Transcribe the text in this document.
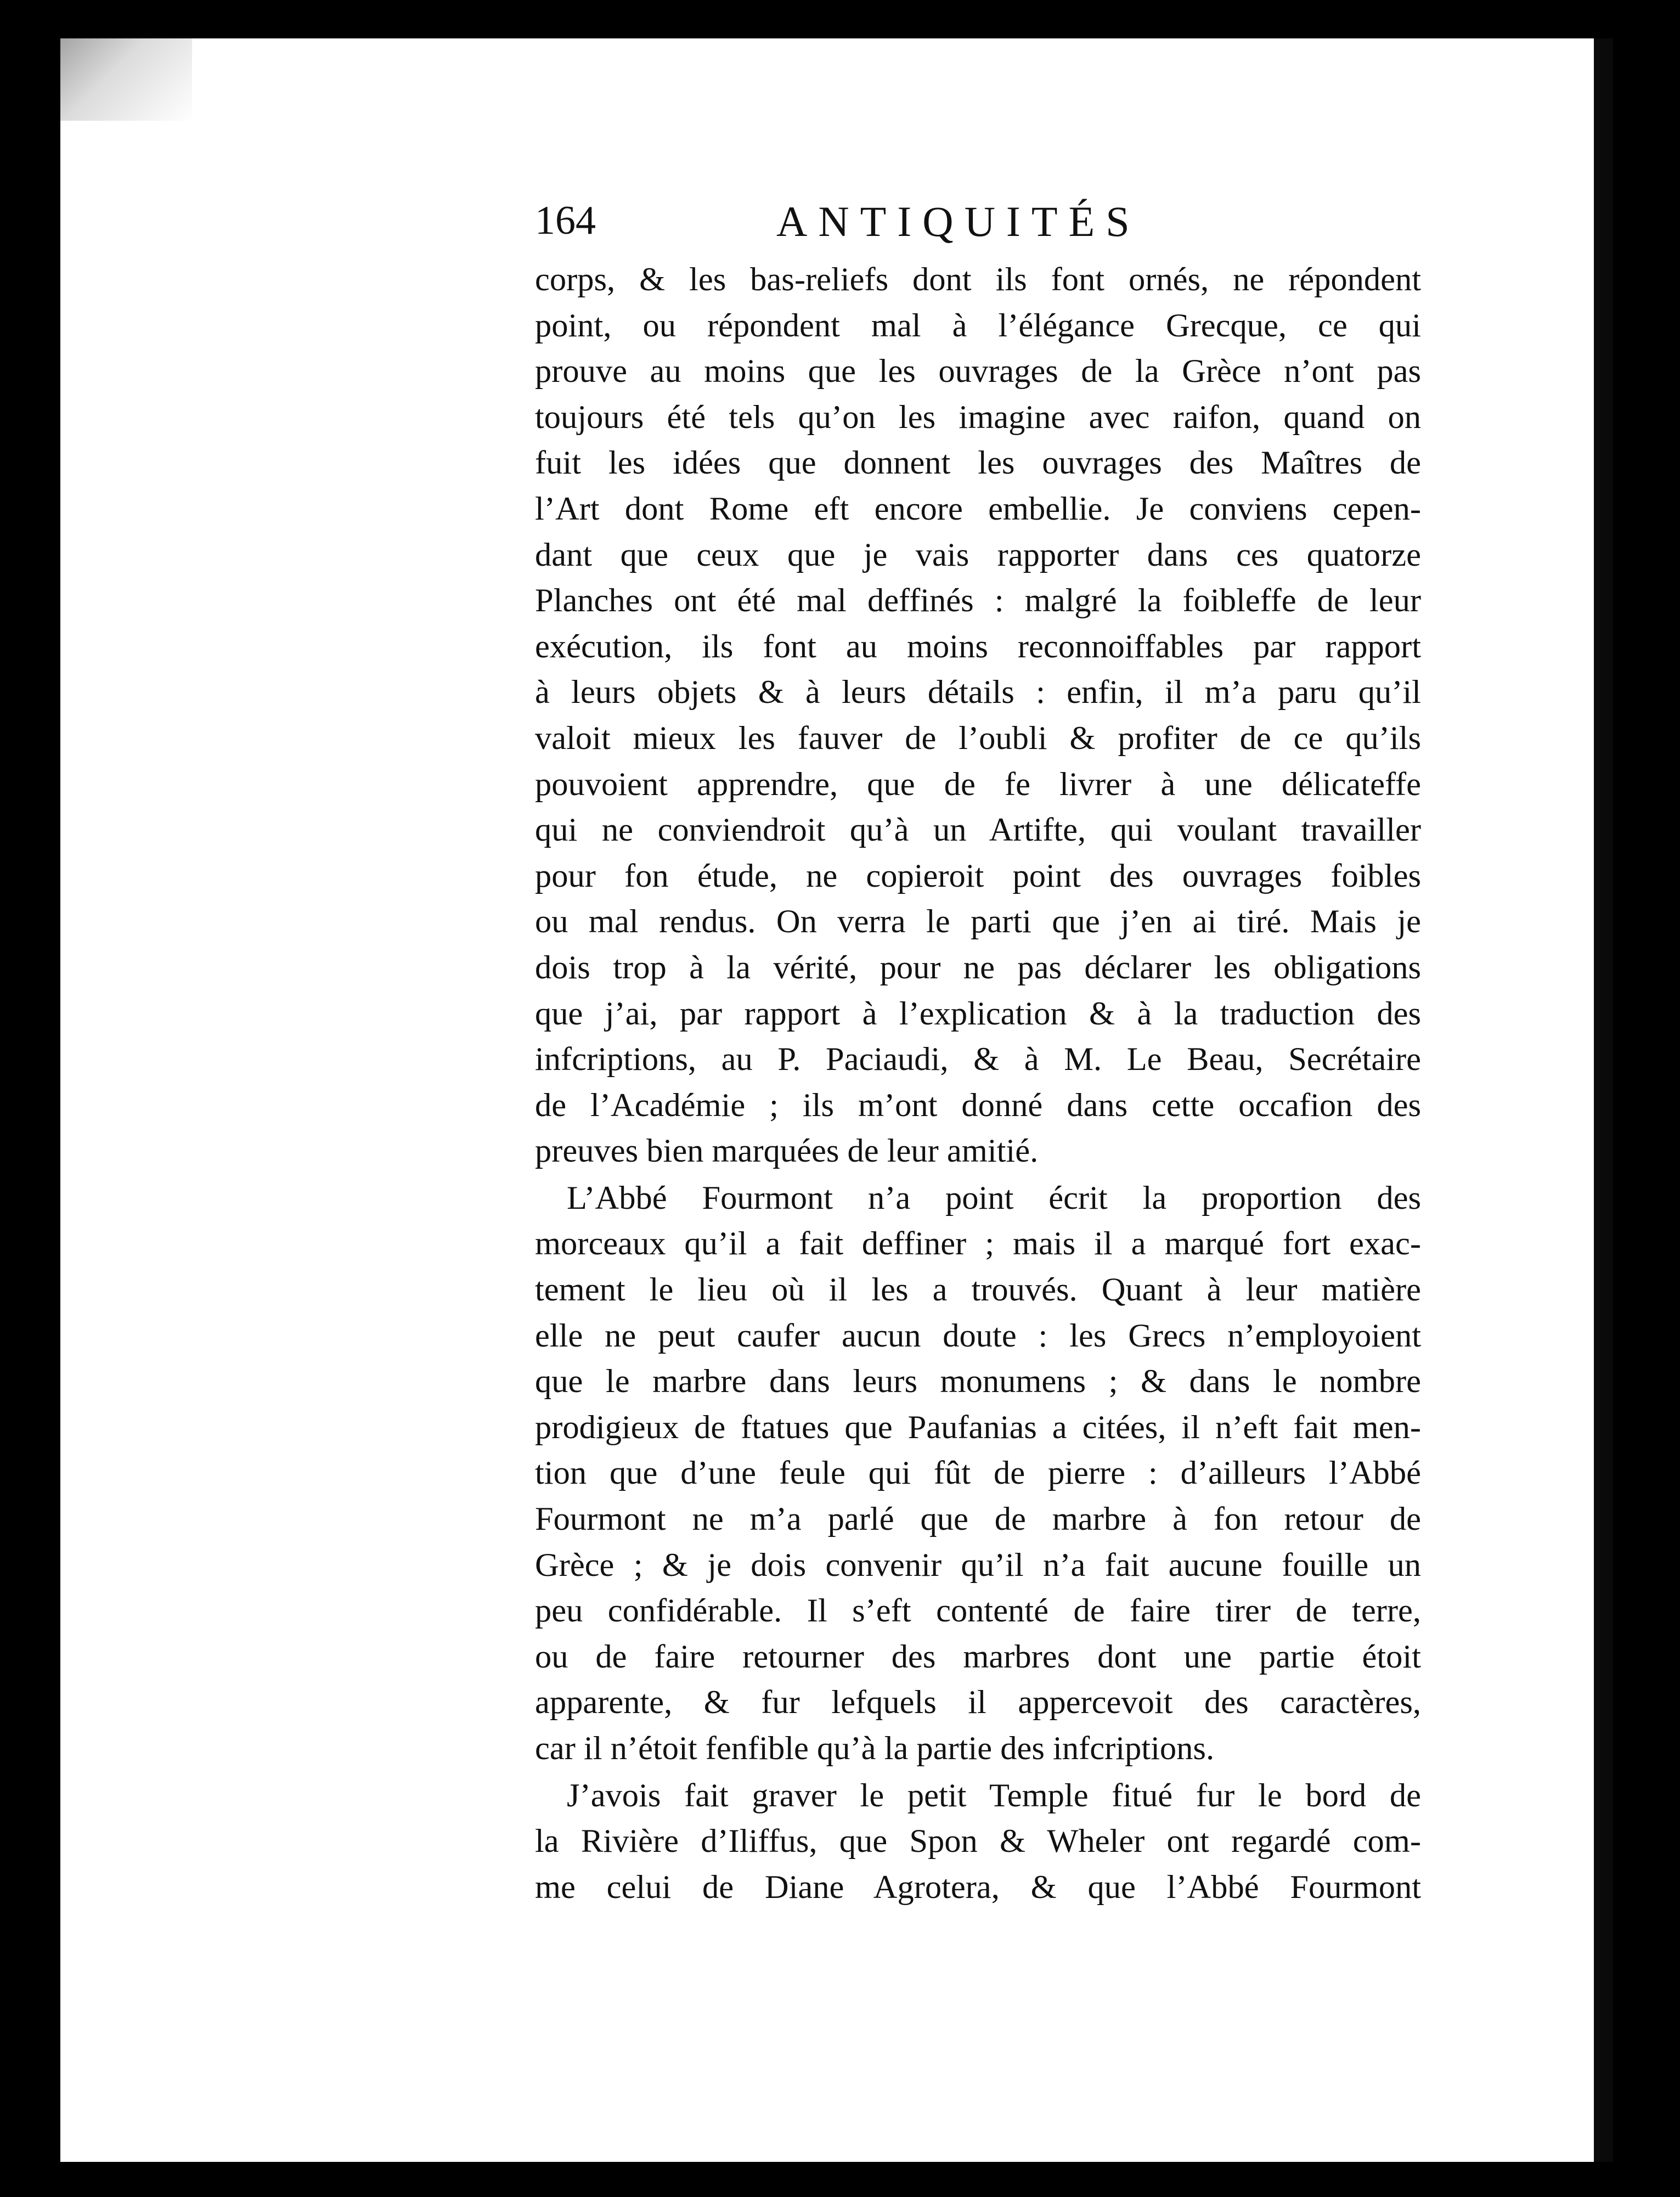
164	ANTIQUITÉS
corps, & les bas-reliefs dont ils font ornés, ne répondent
point, ou répondent mal à l’élégance Grecque, ce qui
prouve au moins que les ouvrages de la Grèce n’ont pas
toujours été tels qu’on les imagine avec raifon, quand on
fuit les idées que donnent les ouvrages des Maîtres de
l’Art dont Rome eft encore embellie. Je conviens cepen-
dant que ceux que je vais rapporter dans ces quatorze
Planches ont été mal deffinés : malgré la foibleffe de leur
exécution, ils font au moins reconnoiffables par rapport
à leurs objets & à leurs détails : enfin, il m’a paru qu’il
valoit mieux les fauver de l’oubli & profiter de ce qu’ils
pouvoient apprendre, que de fe livrer à une délicateffe
qui ne conviendroit qu’à un Artifte, qui voulant travailler
pour fon étude, ne copieroit point des ouvrages foibles
ou mal rendus. On verra le parti que j’en ai tiré. Mais je
dois trop à la vérité, pour ne pas déclarer les obligations
que j’ai, par rapport à l’explication & à la traduction des
infcriptions, au P. Paciaudi, & à M. Le Beau, Secrétaire
de l’Académie ; ils m’ont donné dans cette occafion des
preuves bien marquées de leur amitié.
L’Abbé Fourmont n’a point écrit la proportion des
morceaux qu’il a fait deffiner ; mais il a marqué fort exac-
tement le lieu où il les a trouvés. Quant à leur matière
elle ne peut caufer aucun doute : les Grecs n’employoient
que le marbre dans leurs monumens ; & dans le nombre
prodigieux de ftatues que Paufanias a citées, il n’eft fait men-
tion que d’une feule qui fût de pierre : d’ailleurs l’Abbé
Fourmont ne m’a parlé que de marbre à fon retour de
Grèce ; & je dois convenir qu’il n’a fait aucune fouille un
peu confidérable. Il s’eft contenté de faire tirer de terre,
ou de faire retourner des marbres dont une partie étoit
apparente, & fur lefquels il appercevoit des caractères,
car il n’étoit fenfible qu’à la partie des infcriptions.
J’avois fait graver le petit Temple fitué fur le bord de
la Rivière d’Iliffus, que Spon & Wheler ont regardé com-
me celui de Diane Agrotera, & que l’Abbé Fourmont
